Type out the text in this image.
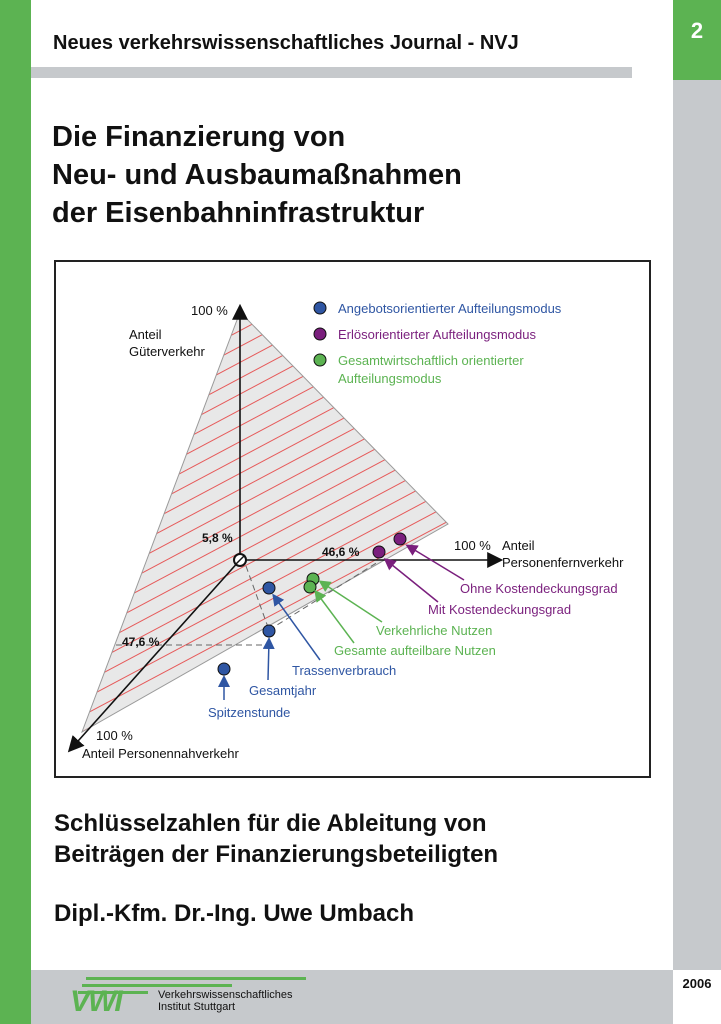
2
Neues verkehrswissenschaftliches Journal - NVJ
Die Finanzierung von
Neu- und Ausbaumaßnahmen
der Eisenbahninfrastruktur
100 %
Anteil
Güterverkehr
100 % Anteil
Personenfernverkehr
100 %
Anteil Personennahverkehr
5,8 %
46,6 %
47,6 %
Angebotsorientierter Aufteilungsmodus
Erlösorientierter Aufteilungsmodus
Gesamtwirtschaftlich orientierter
Aufteilungsmodus
Ohne Kostendeckungsgrad
Mit Kostendeckungsgrad
Verkehrliche Nutzen
Gesamte aufteilbare Nutzen
Trassenverbrauch
Gesamtjahr
Spitzenstunde
Schlüsselzahlen für die Ableitung von
Beiträgen der Finanzierungsbeteiligten
Dipl.-Kfm. Dr.-Ing. Uwe Umbach
2006
VWI	Verkehrswissenschaftliches
Institut Stuttgart
